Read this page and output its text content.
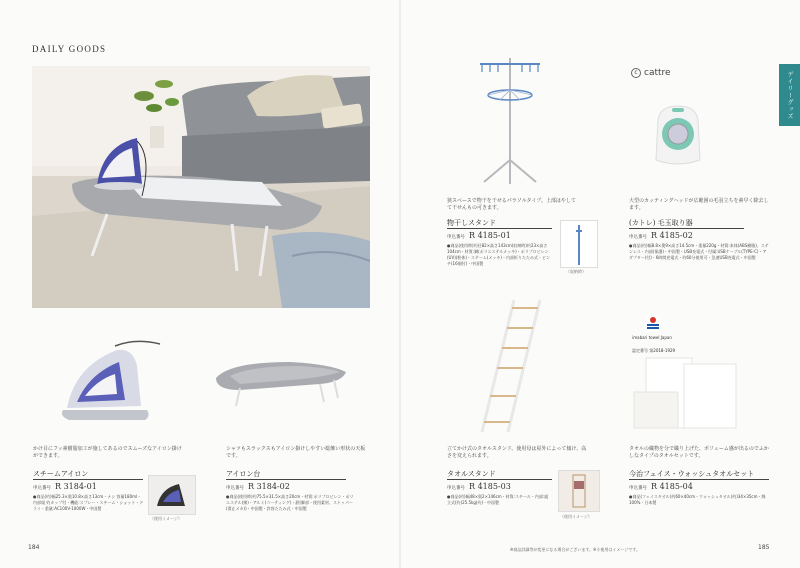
DAILY GOODS
デイリーグッズ
かけ目にフッ素樹脂加工が施してあるのでスムーズなアイロン掛けができます。
スチームアイロン
申込番号 R 3184-01
●商品(約)幅25.3×奥10.8×高さ13cm・ナシ 容量180ml・内部規 約カップ付・機能:スプレー・スチーム・ショット・ドライ・重量:AC100V-1000W・中国製
（使用イメージ）
シャツもスラックスもアイロン掛けしやすい総飾い形状の天板です。
アイロン台
申込番号 R 3184-02
●商品(使用時)約75.5×31.5×高さ20cm・材質:ポリプロピレン・ポリエステル(綿)・アルミ(コーティング)・鉄(脚部・使用素材、ストッパー(滑止メカ))・中国製・許容たたみ式・中国製
184
狭スペースで物干を干せるパラソルタイプ。上部はやしてて干せんもの可きます。
物干しスタンド
申込番号 R 4185-01
●商品(使用時)約径82×高さ143cm(収納時)約23×高さ104cm・材質:鋼(ポリエステルメッキ)・ポリプロピレン(UV)(粉体)・ステーム(メッキ)・内部折りたたみ式・ピンチ(16個付)・中国製
（収納時）
c cattre
大型のカッティングヘッドが広範囲の毛羽立ちを素早く除去します。
(カトレ) 毛玉取り器
申込番号 R 4185-02
●商品(約)幅8.8×奥9×高さ14.5cm・重量220g・材質:本体(ABS樹脂)、ステンレス・内部(保護)・中国製・USB充電式・付属:USBケーブル(TYPE-C)・アダプター(付)・6時間充電式・約60分使用可・急速USB充電式・中国製
立てかけ式のタオルスタンド。使用母は屋外によって傾け、高さを変えられます。
タオルスタンド
申込番号 R 4185-03
●商品(約)幅48×奥2×146cm・材質:スチール・内部:組立式(約)25.5kg(約)・中国製
（使用イメージ）
imabari towel Japan
認定番号 第2018-1929
タオルの織物を分で織り上げた、ボリューム感が出るのでふかしなタイプのタオルセットです。
今治フェイス・ウォッシュタオルセット
申込番号 R 4185-04
●商品(フェイスタオル)約60×40cm・ウォッシュタオル(約)34×35cm・綿100%・日本製
※商品詳細等が変更になる場合がございます。※斗使用はイメージです。	185
